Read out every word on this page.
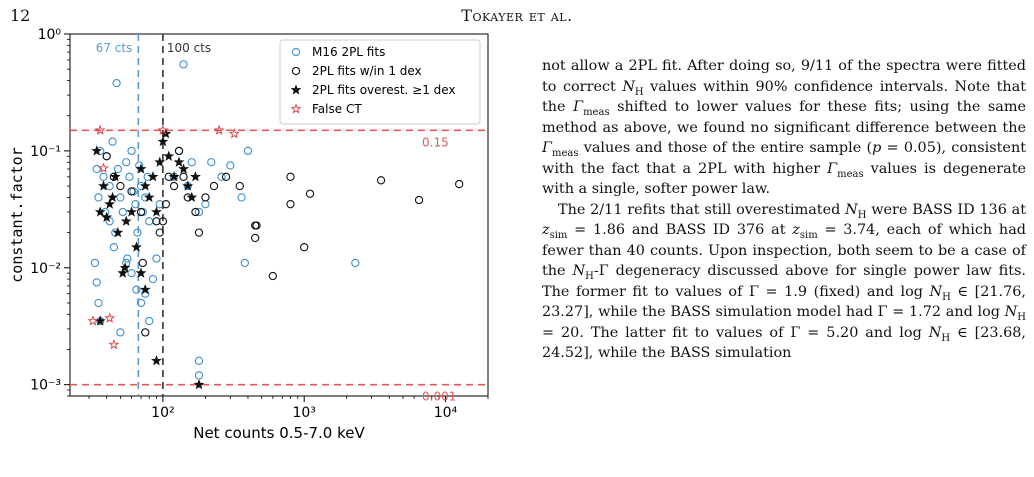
12	Tokayer et al.
10²	10³	10⁴
10⁻³
10⁻²
10⁻¹
10⁰
Net counts 0.5-7.0 keV
constant.factor
0.15
0.001
67 cts	100 cts	M16 2PL fits
2PL fits w/in 1 dex
2PL fits overest. ≥1 dex
False CT

not allow a 2PL fit. After doing so, 9/11 of the spectra were fitted to correct $N_H$ values within 90% confidence intervals. Note that the $\Gamma_{meas}$ shifted to lower values for these fits; using the same method as above, we found no significant difference between the $\Gamma_{meas}$ values and those of the entire sample (p = 0.05), consistent with the fact that a 2PL with higher $\Gamma_{meas}$ values is degenerate with a single, softer power law.

The 2/11 refits that still overestimated $N_H$ were BASS ID 136 at $z_{sim} = 1.86$ and BASS ID 376 at $z_{sim} = 3.74$, each of which had fewer than 40 counts. Upon inspection, both seem to be a case of the $N_H-\Gamma$ degeneracy discussed above for single power law fits. The former fit to values of Γ = 1.9 (fixed) and $\log N_H$ ∈ [21.76, 23.27], while the BASS simulation model had Γ = 1.72 and $\log N_H = 20$. The latter fit to values of Γ = 5.20 and $\log N_H$ ∈ [23.68, 24.52], while the BASS simulation
